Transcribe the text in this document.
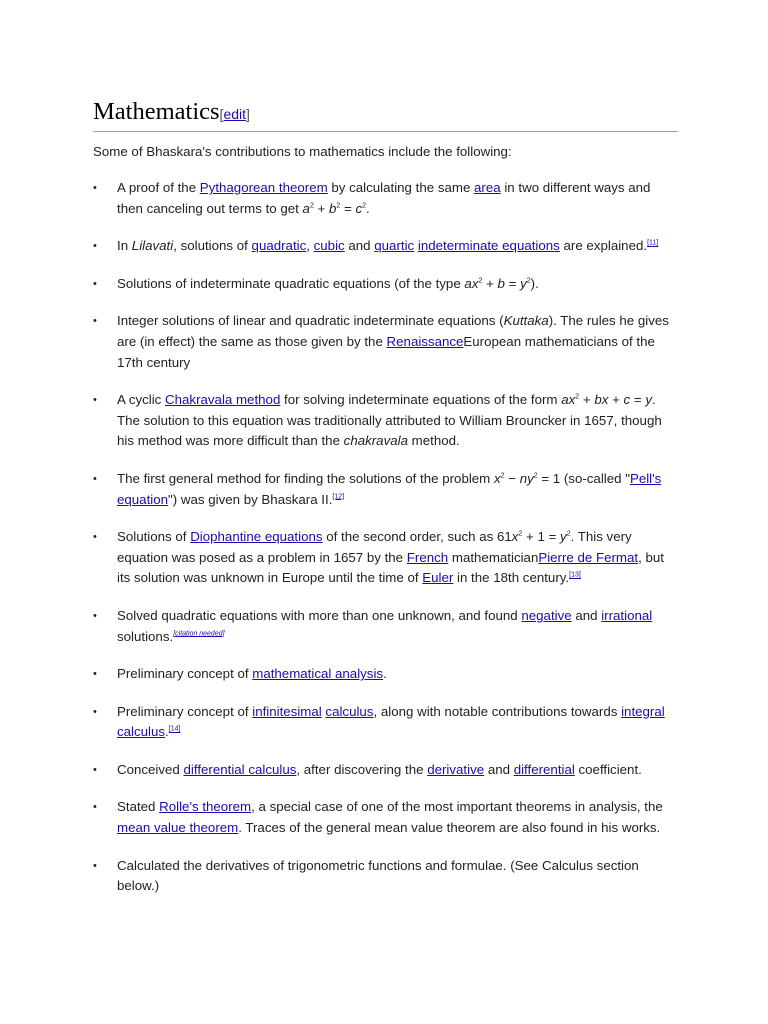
Mathematics[edit]

Some of Bhaskara's contributions to mathematics include the following:

• A proof of the Pythagorean theorem by calculating the same area in two different ways and then canceling out terms to get $a^2 + b^2 = c^2$.
• In Lilavati, solutions of quadratic, cubic and quartic indeterminate equations are explained.[11]
• Solutions of indeterminate quadratic equations (of the type $ax^2 + b = y^2$).
• Integer solutions of linear and quadratic indeterminate equations (Kuttaka). The rules he gives are (in effect) the same as those given by the RenaissanceEuropean mathematicians of the 17th century
• A cyclic Chakravala method for solving indeterminate equations of the form $ax^2$ + bx + c = y. The solution to this equation was traditionally attributed to William Brouncker in 1657, though his method was more difficult than the chakravala method.
• The first general method for finding the solutions of the problem $x^2 - ny^2 = 1$ (so-called "Pell's equation") was given by Bhaskara II.[12]
• Solutions of Diophantine equations of the second order, such as $61x^2 + 1 = y^2$. This very equation was posed as a problem in 1657 by the French mathematicianPierre de Fermat, but its solution was unknown in Europe until the time of Euler in the 18th century.[13]
• Solved quadratic equations with more than one unknown, and found negative and irrational solutions.[citation needed]
• Preliminary concept of mathematical analysis.
• Preliminary concept of infinitesimal calculus, along with notable contributions towards integral calculus.[14]
• Conceived differential calculus, after discovering the derivative and differential coefficient.
• Stated Rolle's theorem, a special case of one of the most important theorems in analysis, the mean value theorem. Traces of the general mean value theorem are also found in his works.
• Calculated the derivatives of trigonometric functions and formulae. (See Calculus section below.)
